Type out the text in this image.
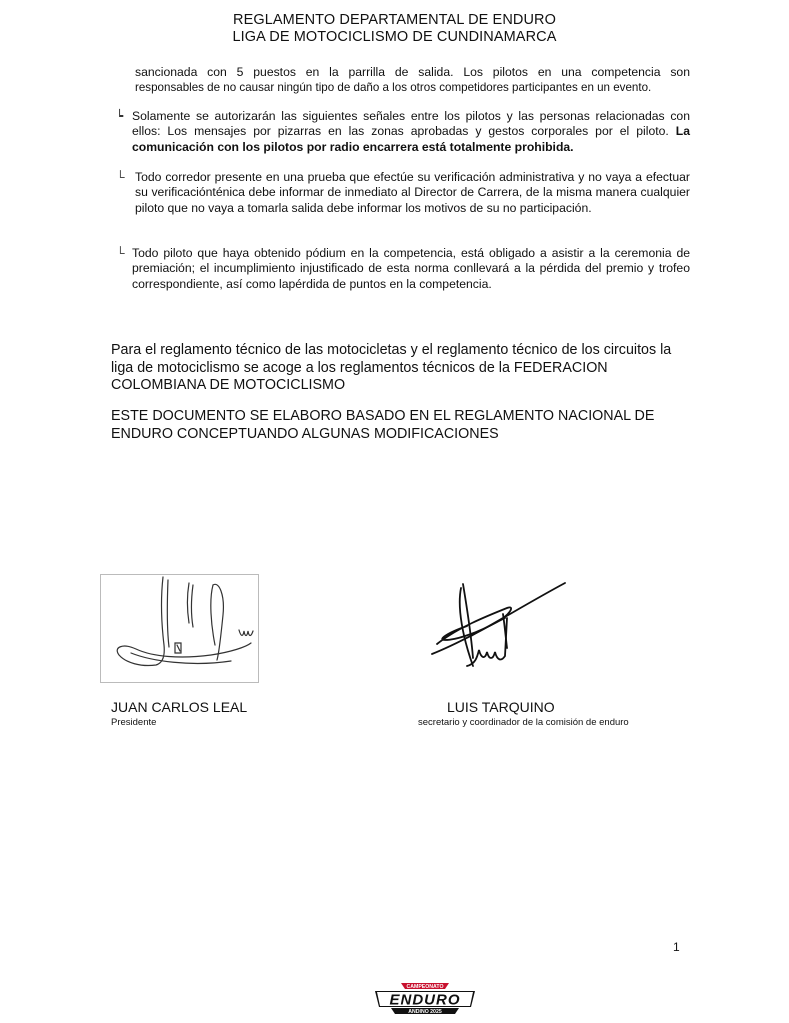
REGLAMENTO DEPARTAMENTAL DE ENDURO
LIGA DE MOTOCICLISMO DE CUNDINAMARCA
sancionada con 5 puestos en la parrilla de salida. Los pilotos en una competencia son
responsables de no causar ningún tipo de daño a los otros competidores participantes en un evento.
┕ Solamente se autorizarán las siguientes señales entre los pilotos y las personas relacionadas con ellos: Los mensajes por pizarras en las zonas aprobadas y gestos corporales por el piloto. La comunicación con los pilotos por radio encarrera está totalmente prohibida.
└ Todo corredor presente en una prueba que efectúe su verificación administrativa y no vaya a efectuar su verificaciónténica debe informar de inmediato al Director de Carrera, de la misma manera cualquier piloto que no vaya a tomarla salida debe informar los motivos de su no participación.
└ Todo piloto que haya obtenido pódium en la competencia, está obligado a asistir a la ceremonia de premiación; el incumplimiento injustificado de esta norma conllevará a la pérdida del premio y trofeo correspondiente, así como lapérdida de puntos en la competencia.
Para el reglamento técnico de las motocicletas y el reglamento técnico de los circuitos la liga de motociclismo se acoge a los reglamentos técnicos de la FEDERACION COLOMBIANA DE MOTOCICLISMO
ESTE DOCUMENTO SE ELABORO BASADO EN EL REGLAMENTO NACIONAL DE ENDURO CONCEPTUANDO ALGUNAS MODIFICACIONES
JUAN CARLOS LEAL
Presidente
LUIS TARQUINO
secretario y coordinador de la comisión de enduro
1
CAMPEONATO
ENDURO
ANDINO 2025
